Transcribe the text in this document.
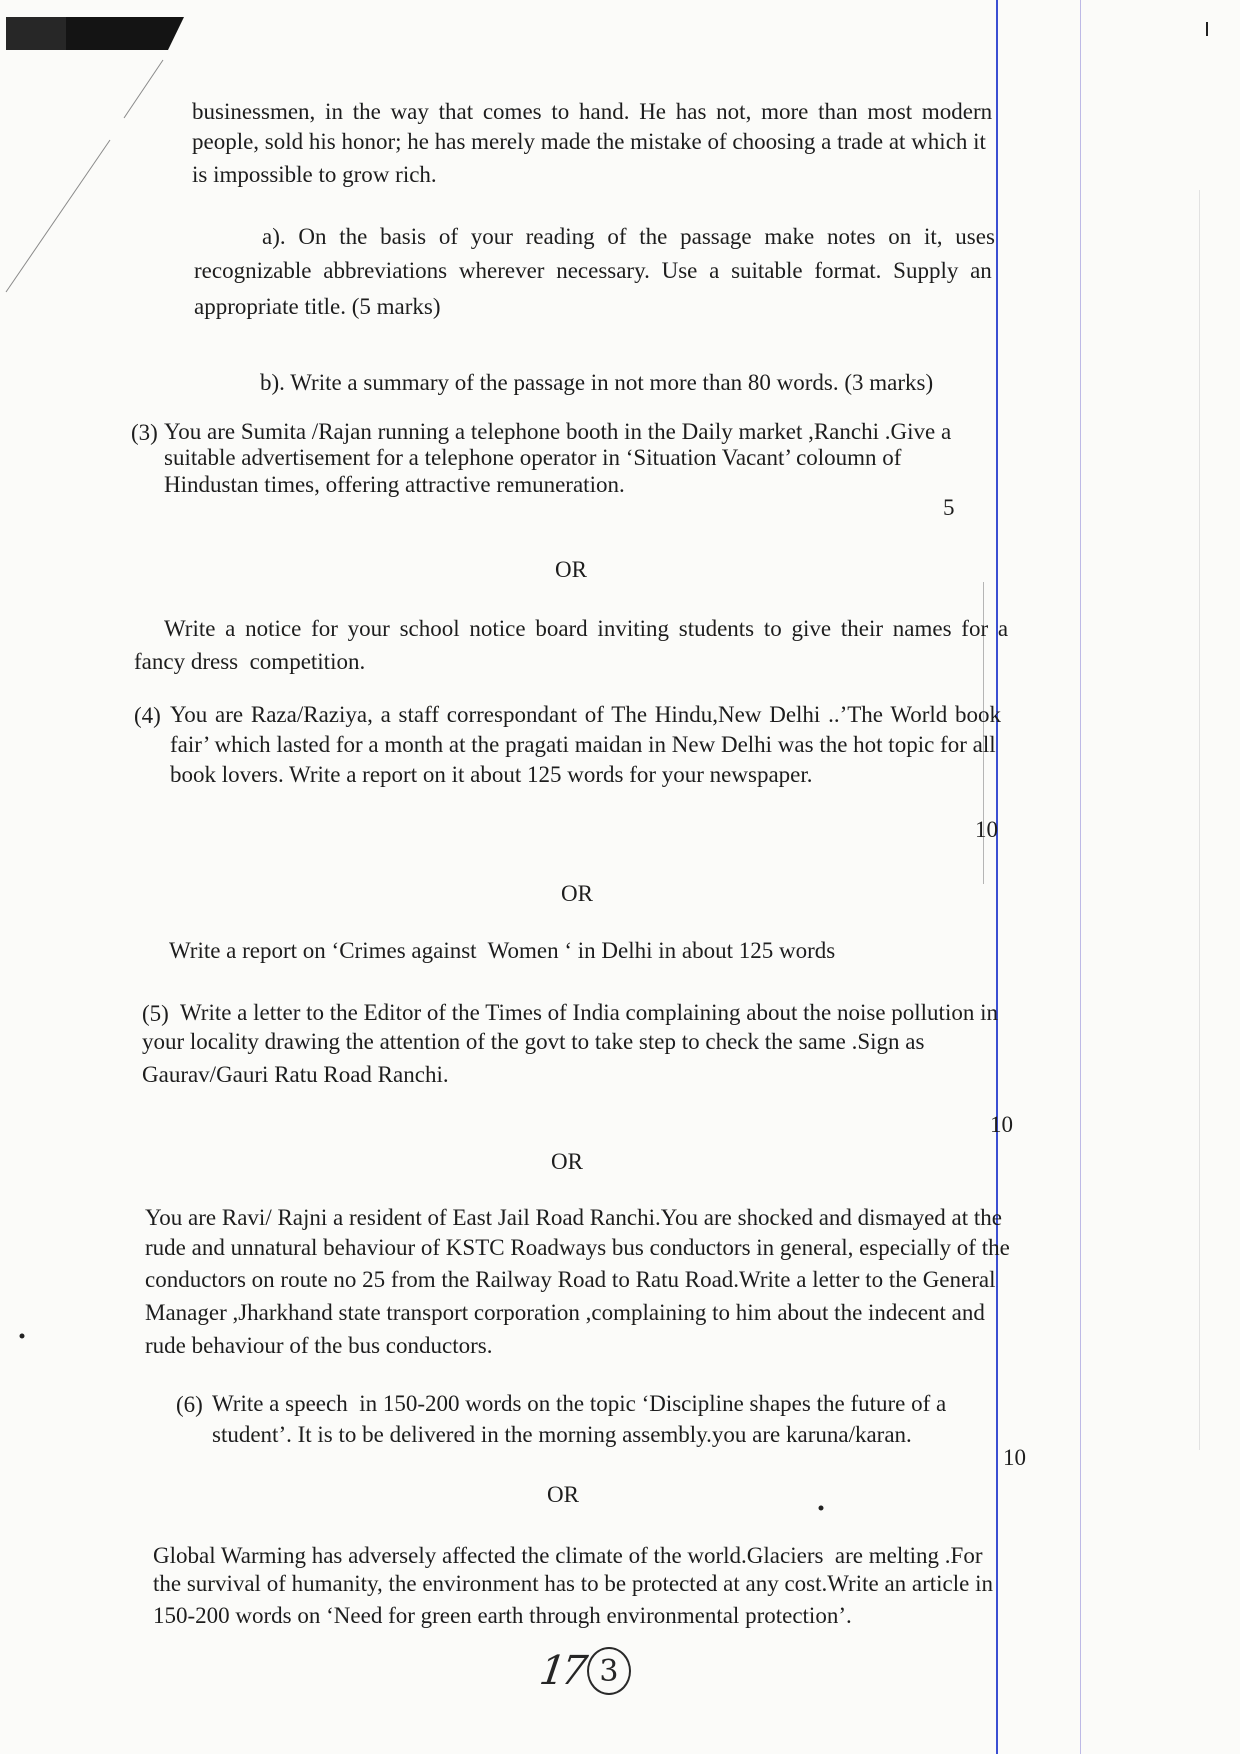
businessmen, in the way that comes to hand. He has not, more than most modern
people, sold his honor; he has merely made the mistake of choosing a trade at which it
is impossible to grow rich.
a). On the basis of your reading of the passage make notes on it, uses
recognizable abbreviations wherever necessary. Use a suitable format. Supply an
appropriate title. (5 marks)
b). Write a summary of the passage in not more than 80 words. (3 marks)
(3) You are Sumita /Rajan running a telephone booth in the Daily market ,Ranchi .Give a
suitable advertisement for a telephone operator in ‘Situation Vacant’ coloumn of
Hindustan times, offering attractive remuneration.
5
OR
Write a notice for your school notice board inviting students to give their names for a
fancy dress  competition.
(4) You are Raza/Raziya, a staff correspondant of The Hindu,New Delhi ..’The World book
fair’ which lasted for a month at the pragati maidan in New Delhi was the hot topic for all
book lovers. Write a report on it about 125 words for your newspaper.
10
OR
Write a report on ‘Crimes against  Women ‘ in Delhi in about 125 words
(5) Write a letter to the Editor of the Times of India complaining about the noise pollution in
your locality drawing the attention of the govt to take step to check the same .Sign as
Gaurav/Gauri Ratu Road Ranchi.
10
OR
You are Ravi/ Rajni a resident of East Jail Road Ranchi.You are shocked and dismayed at the
rude and unnatural behaviour of KSTC Roadways bus conductors in general, especially of the
conductors on route no 25 from the Railway Road to Ratu Road.Write a letter to the General
Manager ,Jharkhand state transport corporation ,complaining to him about the indecent and
rude behaviour of the bus conductors.
(6) Write a speech  in 150-200 words on the topic ‘Discipline shapes the future of a
student’. It is to be delivered in the morning assembly.you are karuna/karan.
10
OR
Global Warming has adversely affected the climate of the world.Glaciers  are melting .For
the survival of humanity, the environment has to be protected at any cost.Write an article in
150-200 words on ‘Need for green earth through environmental protection’.
17 3
